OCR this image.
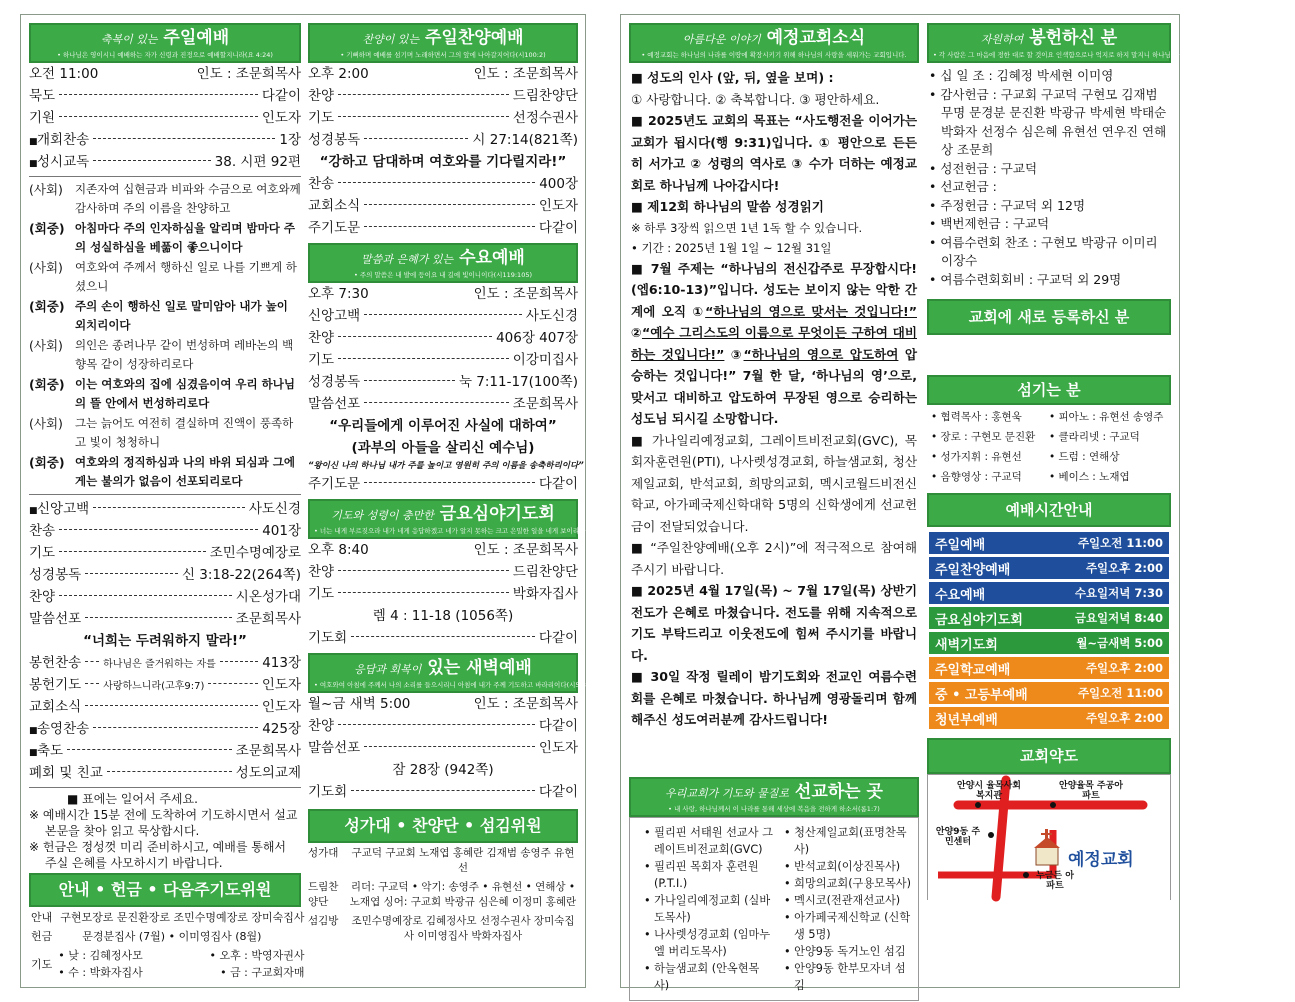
축복이 있는 주일예배
• 하나님은 영이시니 예배하는 자가 신령과 진정으로 예배할지니라(요 4:24)
오전 11:00	인도 : 조문희목사
묵도	다같이
기원	인도자
■ 개회찬송	1장
■ 성시교독	38. 시편 92편
(사회)	지존자여 십현금과 비파와 수금으로 여호와께 감사하며 주의 이름을 찬양하고
(회중) 아침마다 주의 인자하심을 알리며 밤마다 주의 성실하심을 베풂이 좋으니이다
(사회)	여호와여 주께서 행하신 일로 나를 기쁘게 하셨으니
(회중) 주의 손이 행하신 일로 말미암아 내가 높이 외치리이다
(사회)	의인은 종려나무 같이 번성하며 레바논의 백향목 같이 성장하리로다
(회중) 이는 여호와의 집에 심겼음이여 우리 하나님의 뜰 안에서 번성하리로다
(사회)	그는 늙어도 여전히 결실하며 진액이 풍족하고 빛이 청청하니
(회중) 여호와의 정직하심과 나의 바위 되심과 그에게는 불의가 없음이 선포되리로다
■ 신앙고백	사도신경
찬송	401장
기도	조민수명예장로
성경봉독	신 3:18-22(264쪽)
찬양	시온성가대
말씀선포	조문희목사
“너희는 두려워하지 말라!”
봉헌찬송 하나님은 즐거워하는 자를	413장
봉헌기도 사랑하느니라(고후9:7)	인도자
교회소식	인도자
■ 송영찬송	425장
■ 축도	조문희목사
폐회 및 친교	성도의교제
■ 표에는 일어서 주세요.
※ 예배시간 15분 전에 도착하여 기도하시면서 설교 본문을 찾아 읽고 묵상합시다.
※ 헌금은 정성껏 미리 준비하시고, 예배를 통해서 주실 은혜를 사모하시기 바랍니다.
안내 • 헌금 • 다음주기도위원
안내	구현모장로 문진환장로 조민수명예장로 장미숙집사
헌금	문경분집사 (7월) • 이미영집사 (8월)
기도	• 낮 : 김혜정사모 • 오후 : 박영자권사
• 수 : 박화자집사 • 금 : 구교회자매
찬양이 있는 주일찬양예배
• 기뻐하며 예배를 섬기며 노래하면서 그의 앞에 나아갈지어다(시100:2)
오후 2:00	인도 : 조문희목사
찬양	드림찬양단
기도	선정수권사
성경봉독	시 27:14(821쪽)
“강하고 담대하며 여호와를 기다릴지라!”
찬송	400장
교회소식	인도자
주기도문	다같이
말씀과 은혜가 있는 수요예배
• 주의 말씀은 내 발에 등이요 내 길에 빛이니이다(시119:105)
오후 7:30	인도 : 조문희목사
신앙고백	사도신경
찬양	406장 407장
기도	이강미집사
성경봉독	눅 7:11-17(100쪽)
말씀선포	조문희목사
“우리들에게 이루어진 사실에 대하여”
(과부의 아들을 살리신 예수님)
“왕이신 나의 하나님 내가 주를 높이고 영원히 주의 이름을 송축하리이다”
주기도문	다같이
기도와 성령이 충만한 금요심야기도회
• 너는 내게 부르짖으라 내가 네게 응답하겠고 네가 알지 못하는 크고 은밀한 일을 네게 보이리라(렘33:3)
오후 8:40	인도 : 조문희목사
찬양	드림찬양단
기도	박화자집사
렘 4 : 11-18 (1056쪽)
기도회	다같이
응답과 회복이 있는 새벽예배
• 여호와여 아침에 주께서 나의 소리를 들으시리니 아침에 내가 주께 기도하고 바라리이다(시5:3)
월~금 새벽 5:00	인도 : 조문희목사
찬양	다같이
말씀선포	인도자
잠 28장 (942쪽)
기도회	다같이
성가대 • 찬양단 • 섬김위원
성가대	구교덕 구교회 노재엽 홍혜란 김재범 송영주 유현선
드림찬양단
리더: 구교덕 • 악기: 송영주 • 유현선 • 연해상 • 노재엽 싱어: 구교회 박광규 심은혜 이정미 홍혜란
섬김방	조민수명예장로 김혜정사모 선정수권사 장미숙집사 이미영집사 박화자집사
아름다운 이야기 예정교회소식
• 예정교회는 하나님의 나라를 이땅에 확장시키기 위해 하나님의 사랑을 세워가는 교회입니다.

■ 성도의 인사 (앞, 뒤, 옆을 보며) :

① 사랑합니다. ② 축복합니다. ③ 평안하세요.

■ 2025년도 교회의 목표는 “사도행전을 이어가는 교회가 됩시다(행 9:31)입니다. ① 평안으로 든든히 서가고 ② 성령의 역사로 ③ 수가 더하는 예정교회로 하나님께 나아갑시다!

■ 제12회 하나님의 말씀 성경읽기

※ 하루 3장씩 읽으면 1년 1독 할 수 있습니다.

• 기간 : 2025년 1월 1일 ~ 12월 31일

■ 7월 주제는 “하나님의 전신갑주로 무장합시다!(엡6:10-13)”입니다. 성도는 보이지 않는 악한 간계에 오직 ①“하나님의 영으로 맞서는 것입니다!” ②“예수 그리스도의 이름으로 무엇이든 구하여 대비하는 것입니다!” ③“하나님의 영으로 압도하여 압승하는 것입니다!” 7월 한 달, ‘하나님의 영’으로, 맞서고 대비하고 압도하여 무장된 영으로 승리하는 성도님 되시길 소망합니다.

■ 가나일리예정교회, 그레이트비전교회(GVC), 목회자훈련원(PTI), 나사렛성경교회, 하늘샘교회, 청산제일교회, 반석교회, 희망의교회, 멕시코월드비전신학교, 아가페국제신학대학 5명의 신학생에게 선교헌금이 전달되었습니다.

■ “주일찬양예배(오후 2시)”에 적극적으로 참여해주시기 바랍니다.

■ 2025년 4월 17일(목) ~ 7월 17일(목) 상반기 전도가 은혜로 마쳤습니다. 전도를 위해 지속적으로 기도 부탁드리고 이웃전도에 힘써 주시기를 바랍니다.

■ 30일 작정 릴레이 밤기도회와 전교인 여름수련회를 은혜로 마쳤습니다. 하나님께 영광돌리며 함께 해주신 성도여러분께 감사드립니다!

우리교회가 기도와 물질로 선교하는 곳
• 내 사랑, 하나님께서 이 나라를 통해 세상에 복음을 전하게 하소서(롬1:7)
• 필리핀 서태원 선교사 그레이트비전교회(GVC)
• 필리핀 목회자 훈련원 (P.T.I.)
• 가나일리예정교회 (실바도목사)
• 나사렛성경교회 (임마누엘 버리도목사)
• 하늘샘교회 (안옥현목사)
• 청산제일교회(표명찬목사)
• 반석교회(이상진목사)
• 희망의교회(구용모목사)
• 멕시코(전관재선교사)
• 아가페국제신학교 (신학생 5명)
• 안양9동 독거노인 섬김
• 안양9동 한부모자녀 섬김
자원하여 봉헌하신 분
• 각 사람은 그 마음에 정한 대로 할 것이요 인색함으로나 억지로 하지 말지니 하나님은 즐겨 내는 자를 사랑하시느니라(고후9:7)
• 십 일 조 : 김혜정 박세현 이미영
• 감사헌금 : 구교회 구교덕 구현모 김재범 무명 문경분 문진환 박광규 박세현 박태순 박화자 선정수 심은혜 유현선 연우진 연해상 조문희
• 성전헌금 : 구교덕
• 선교헌금 :
• 주정헌금 : 구교덕 외 12명
• 백번제헌금 : 구교덕
• 여름수련회 찬조 : 구현모 박광규 이미리 이장수
• 여름수련회회비 : 구교덕 외 29명
교회에 새로 등록하신 분
섬기는 분
• 협력목사 : 홍현욱	• 피아노 : 유현선 송영주
• 장로 : 구현모 문진환	• 클라리넷 : 구교덕
• 성가지휘 : 유현선	• 드럼 : 연해상
• 음향영상 : 구교덕	• 베이스 : 노재엽
예배시간안내
주일예배	주일오전 11:00
주일찬양예배	주일오후 2:00
수요예배	수요일저녁 7:30
금요심야기도회	금요일저녁 8:40
새벽기도회	월~금새벽 5:00
주일학교예배	주일오후 2:00
중 • 고등부예배	주일오전 11:00
청년부예배	주일오후 2:00
교회약도
안양시 율목사회복지관
안양율목 주공아파트
안양9동 주민센터
누금든 아파트
예정교회
